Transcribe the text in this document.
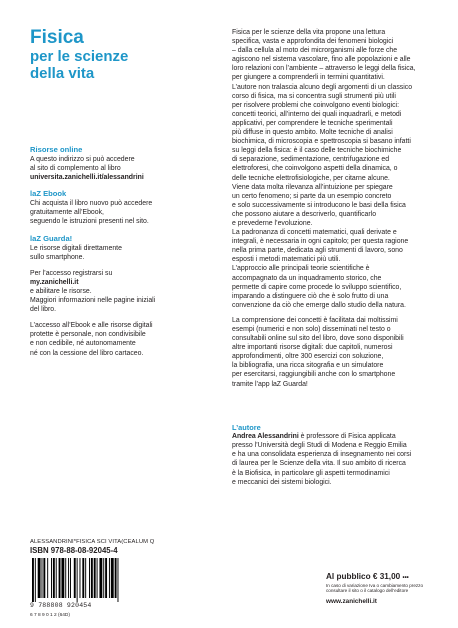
Fisica
per le scienze
della vita
Risorse online
A questo indirizzo si può accedere
al sito di complemento al libro
universita.zanichelli.it/alessandrini
laZ Ebook
Chi acquista il libro nuovo può accedere
gratuitamente all’Ebook,
seguendo le istruzioni presenti nel sito.
laZ Guarda!
Le risorse digitali direttamente
sullo smartphone.
Per l’accesso registrarsi su
my.zanichelli.it
e abilitare le risorse.
Maggiori informazioni nelle pagine iniziali
del libro.
L’accesso all’Ebook e alle risorse digitali
protette è personale, non condivisibile
e non cedibile, né autonomamente
né con la cessione del libro cartaceo.
Fisica per le scienze della vita propone una lettura
specifica, vasta e approfondita dei fenomeni biologici
– dalla cellula al moto dei microrganismi alle forze che
agiscono nel sistema vascolare, fino alle popolazioni e alle
loro relazioni con l’ambiente – attraverso le leggi della fisica,
per giungere a comprenderli in termini quantitativi.
L’autore non tralascia alcuno degli argomenti di un classico
corso di fisica, ma si concentra sugli strumenti più utili
per risolvere problemi che coinvolgono eventi biologici:
concetti teorici, all’interno dei quali inquadrarli, e metodi
applicativi, per comprendere le tecniche sperimentali
più diffuse in questo ambito. Molte tecniche di analisi
biochimica, di microscopia e spettroscopia si basano infatti
su leggi della fisica: è il caso delle tecniche biochimiche
di separazione, sedimentazione, centrifugazione ed
elettroforesi, che coinvolgono aspetti della dinamica, o
delle tecniche elettrofisiologiche, per citarne alcune.
Viene data molta rilevanza all’intuizione per spiegare
un certo fenomeno; si parte da un esempio concreto
e solo successivamente si introducono le basi della fisica
che possono aiutare a descriverlo, quantificarlo
e prevederne l’evoluzione.
La padronanza di concetti matematici, quali derivate e
integrali, è necessaria in ogni capitolo; per questa ragione
nella prima parte, dedicata agli strumenti di lavoro, sono
esposti i metodi matematici più utili.
L’approccio alle principali teorie scientifiche è
accompagnato da un inquadramento storico, che
permette di capire come procede lo sviluppo scientifico,
imparando a distinguere ciò che è solo frutto di una
convenzione da ciò che emerge dallo studio della natura.
La comprensione dei concetti è facilitata dai moltissimi
esempi (numerici e non solo) disseminati nel testo o
consultabili online sul sito del libro, dove sono disponibili
altre importanti risorse digitali: due capitoli, numerosi
approfondimenti, oltre 300 esercizi con soluzione,
la bibliografia, una ricca sitografia e un simulatore
per esercitarsi, raggiungibili anche con lo smartphone
tramite l’app laZ Guarda!
L’autore
Andrea Alessandrini è professore di Fisica applicata
presso l’Università degli Studi di Modena e Reggio Emilia
e ha una consolidata esperienza di insegnamento nei corsi
di laurea per le Scienze della vita. Il suo ambito di ricerca
è la Biofisica, in particolare gli aspetti termodinamici
e meccanici dei sistemi biologici.
ALESSANDRINI*FISICA SCI VITA(CEALUM Q
ISBN 978-88-08-92045-4
9 788808 920454
6 7 8 9 0 1 2 (64D)
Al pubblico € 31,00 •••
In caso di variazione Iva o cambiamento prezzo
consultare il sito o il catalogo dell’editore
www.zanichelli.it
